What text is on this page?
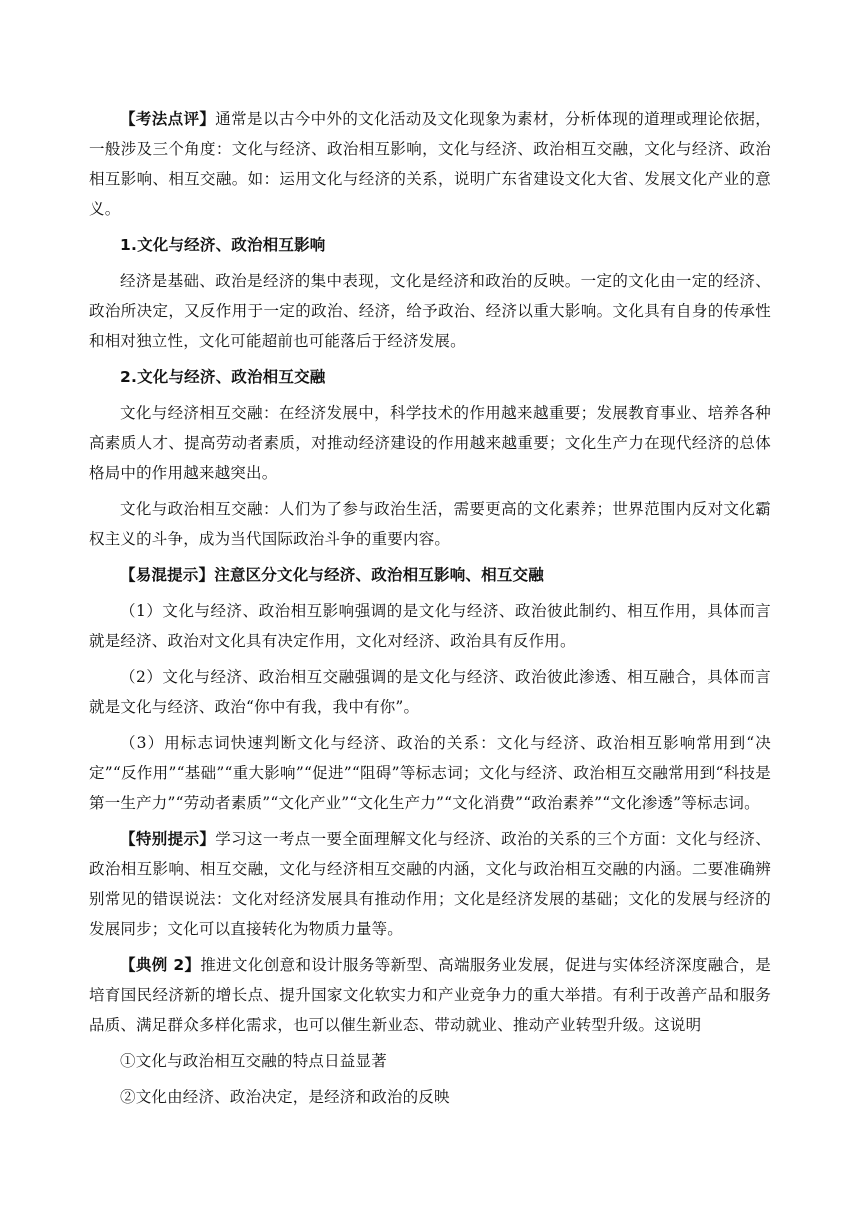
【考法点评】通常是以古今中外的文化活动及文化现象为素材，分析体现的道理或理论依据，一般涉及三个角度：文化与经济、政治相互影响，文化与经济、政治相互交融，文化与经济、政治相互影响、相互交融。如：运用文化与经济的关系，说明广东省建设文化大省、发展文化产业的意义。

1.文化与经济、政治相互影响

经济是基础、政治是经济的集中表现，文化是经济和政治的反映。一定的文化由一定的经济、政治所决定，又反作用于一定的政治、经济，给予政治、经济以重大影响。文化具有自身的传承性和相对独立性，文化可能超前也可能落后于经济发展。

2.文化与经济、政治相互交融

文化与经济相互交融：在经济发展中，科学技术的作用越来越重要；发展教育事业、培养各种高素质人才、提高劳动者素质，对推动经济建设的作用越来越重要；文化生产力在现代经济的总体格局中的作用越来越突出。

文化与政治相互交融：人们为了参与政治生活，需要更高的文化素养；世界范围内反对文化霸权主义的斗争，成为当代国际政治斗争的重要内容。

【易混提示】注意区分文化与经济、政治相互影响、相互交融

（1）文化与经济、政治相互影响强调的是文化与经济、政治彼此制约、相互作用，具体而言就是经济、政治对文化具有决定作用，文化对经济、政治具有反作用。

（2）文化与经济、政治相互交融强调的是文化与经济、政治彼此渗透、相互融合，具体而言就是文化与经济、政治“你中有我，我中有你”。

（3）用标志词快速判断文化与经济、政治的关系：文化与经济、政治相互影响常用到“决定”“反作用”“基础”“重大影响”“促进”“阻碍”等标志词；文化与经济、政治相互交融常用到“科技是第一生产力”“劳动者素质”“文化产业”“文化生产力”“文化消费”“政治素养”“文化渗透”等标志词。

【特别提示】学习这一考点一要全面理解文化与经济、政治的关系的三个方面：文化与经济、政治相互影响、相互交融，文化与经济相互交融的内涵，文化与政治相互交融的内涵。二要准确辨别常见的错误说法：文化对经济发展具有推动作用；文化是经济发展的基础；文化的发展与经济的发展同步；文化可以直接转化为物质力量等。

【典例 2】推进文化创意和设计服务等新型、高端服务业发展，促进与实体经济深度融合，是培育国民经济新的增长点、提升国家文化软实力和产业竞争力的重大举措。有利于改善产品和服务品质、满足群众多样化需求，也可以催生新业态、带动就业、推动产业转型升级。这说明

①文化与政治相互交融的特点日益显著

②文化由经济、政治决定，是经济和政治的反映
